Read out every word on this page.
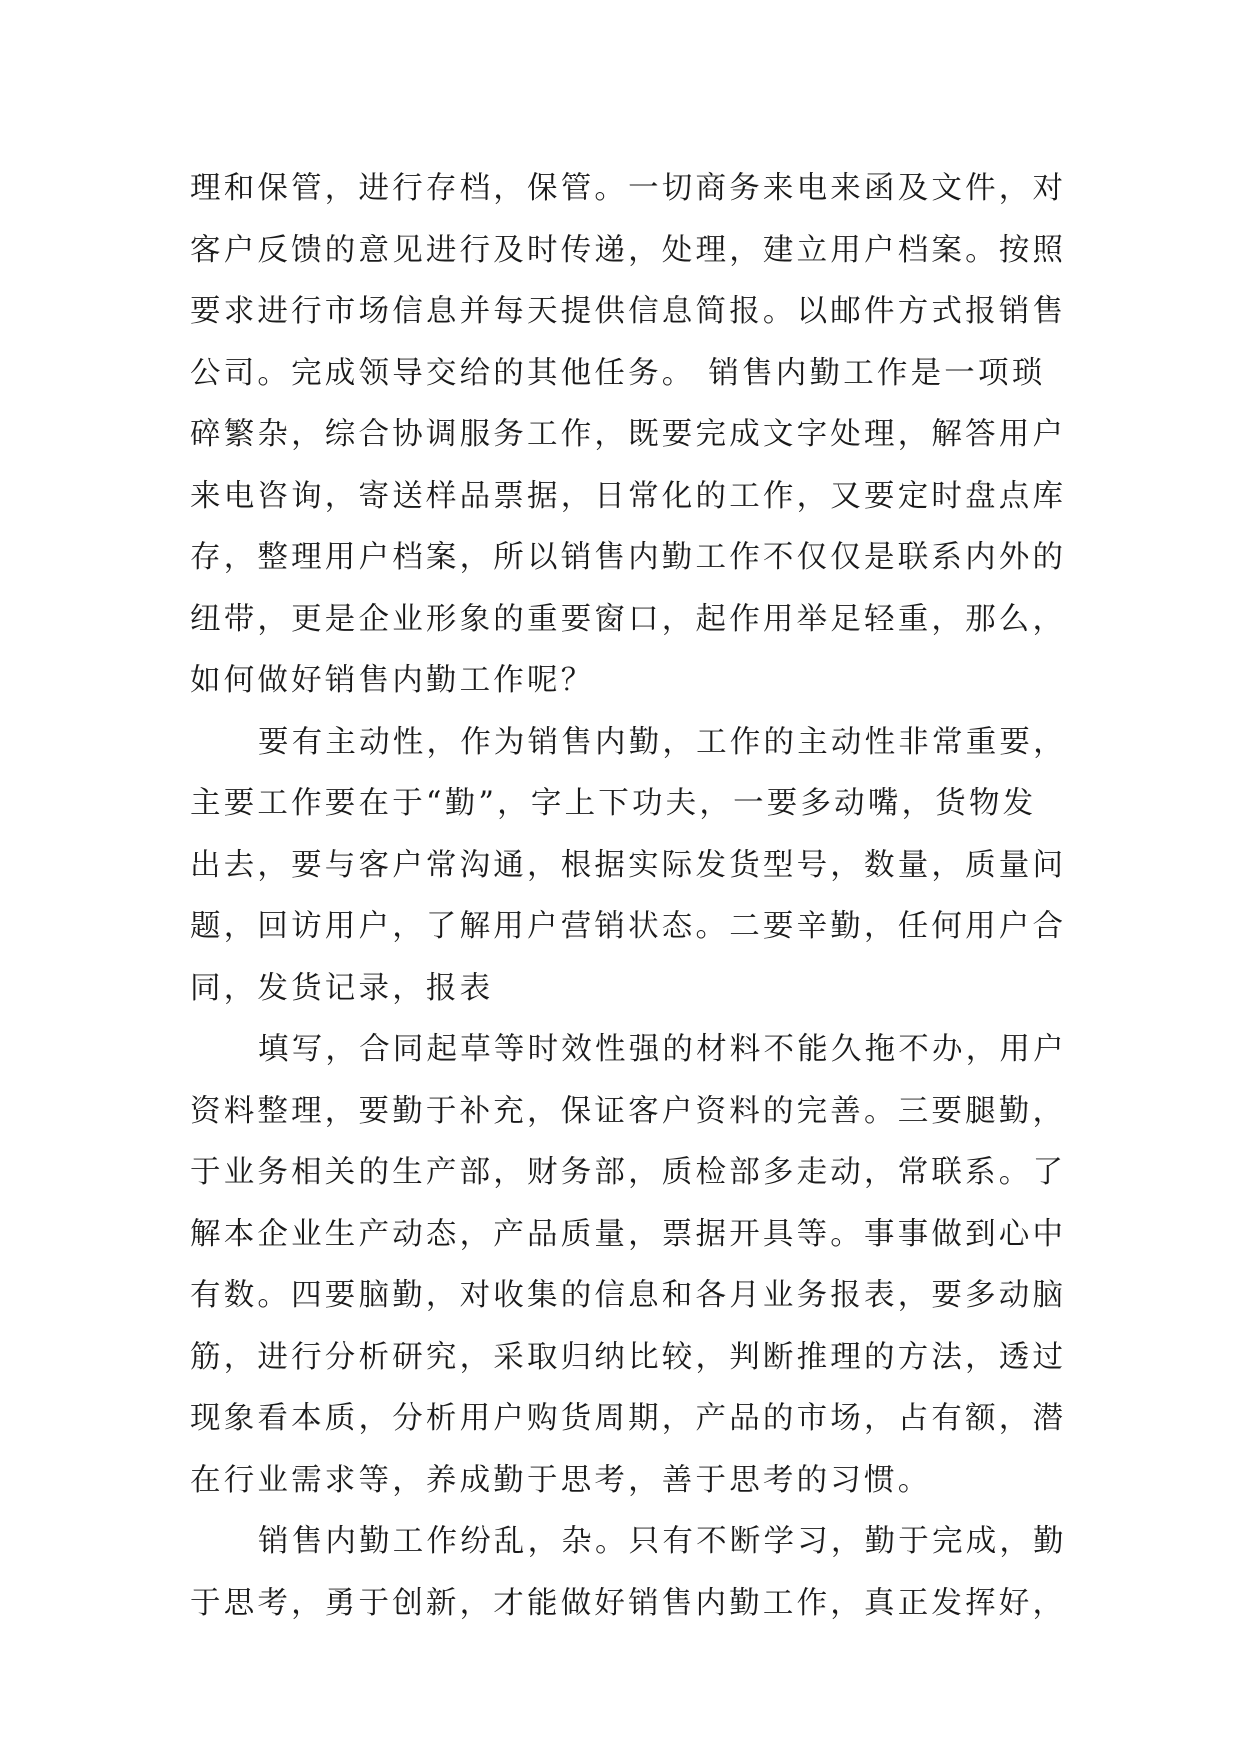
理和保管，进行存档，保管。一切商务来电来函及文件，对
客户反馈的意见进行及时传递，处理，建立用户档案。按照
要求进行市场信息并每天提供信息简报。以邮件方式报销售
公司。完成领导交给的其他任务。 销售内勤工作是一项琐
碎繁杂，综合协调服务工作，既要完成文字处理，解答用户
来电咨询，寄送样品票据，日常化的工作，又要定时盘点库
存，整理用户档案，所以销售内勤工作不仅仅是联系内外的
纽带，更是企业形象的重要窗口，起作用举足轻重，那么，
如何做好销售内勤工作呢？
要有主动性，作为销售内勤，工作的主动性非常重要，
主要工作要在于“勤”，字上下功夫，一要多动嘴，货物发
出去，要与客户常沟通，根据实际发货型号，数量，质量问
题，回访用户，了解用户营销状态。二要辛勤，任何用户合
同，发货记录，报表
填写，合同起草等时效性强的材料不能久拖不办，用户
资料整理，要勤于补充，保证客户资料的完善。三要腿勤，
于业务相关的生产部，财务部，质检部多走动，常联系。了
解本企业生产动态，产品质量，票据开具等。事事做到心中
有数。四要脑勤，对收集的信息和各月业务报表，要多动脑
筋，进行分析研究，采取归纳比较，判断推理的方法，透过
现象看本质，分析用户购货周期，产品的市场，占有额，潜
在行业需求等，养成勤于思考，善于思考的习惯。
销售内勤工作纷乱，杂。只有不断学习，勤于完成，勤
于思考，勇于创新，才能做好销售内勤工作，真正发挥好，
